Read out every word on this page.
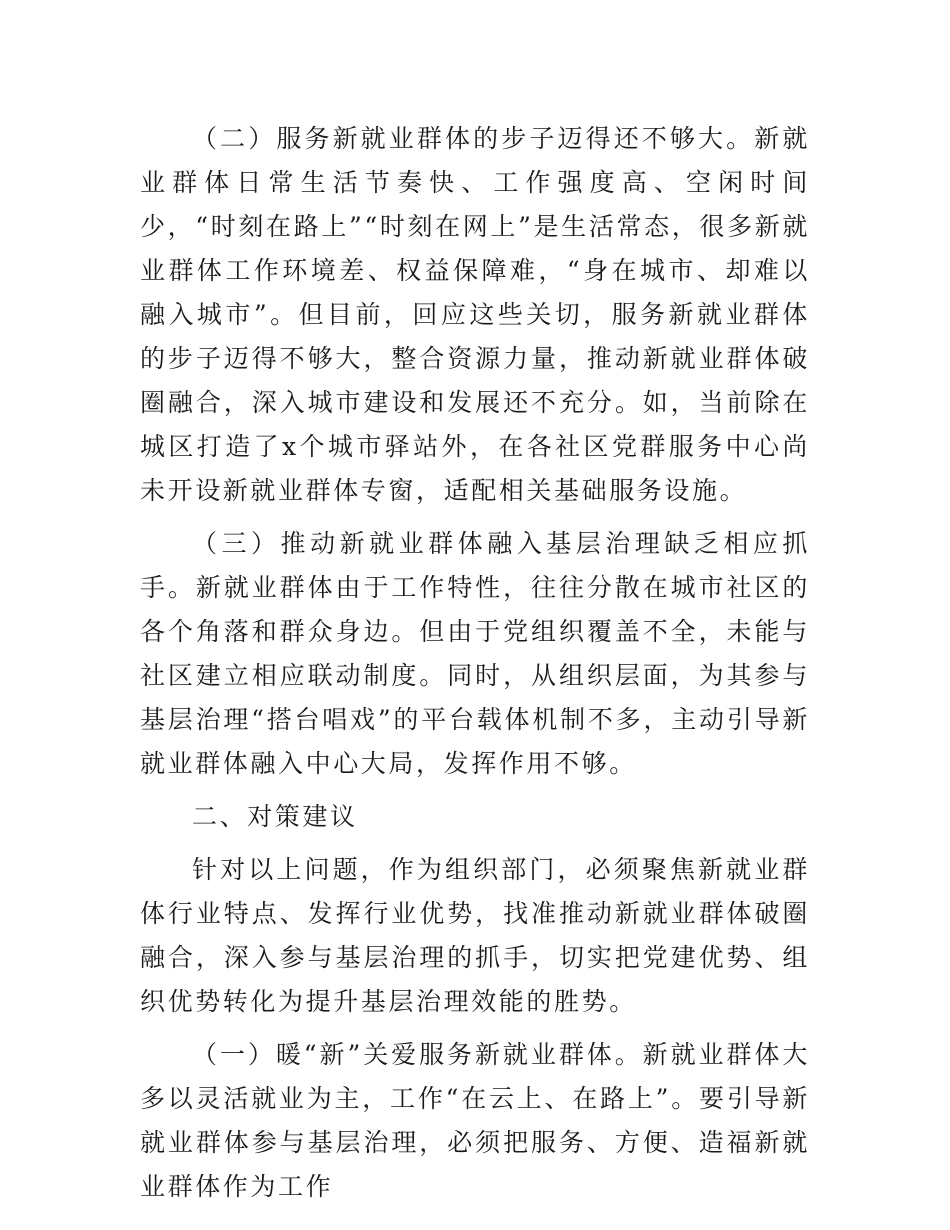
（二）服务新就业群体的步子迈得还不够大。新就业群体日常生活节奏快、工作强度高、空闲时间少，“时刻在路上”“时刻在网上”是生活常态，很多新就业群体工作环境差、权益保障难，“身在城市、却难以融入城市”。但目前，回应这些关切，服务新就业群体的步子迈得不够大，整合资源力量，推动新就业群体破圈融合，深入城市建设和发展还不充分。如，当前除在城区打造了x个城市驿站外，在各社区党群服务中心尚未开设新就业群体专窗，适配相关基础服务设施。

（三）推动新就业群体融入基层治理缺乏相应抓手。新就业群体由于工作特性，往往分散在城市社区的各个角落和群众身边。但由于党组织覆盖不全，未能与社区建立相应联动制度。同时，从组织层面，为其参与基层治理“搭台唱戏”的平台载体机制不多，主动引导新就业群体融入中心大局，发挥作用不够。

二、对策建议

针对以上问题，作为组织部门，必须聚焦新就业群体行业特点、发挥行业优势，找准推动新就业群体破圈融合，深入参与基层治理的抓手，切实把党建优势、组织优势转化为提升基层治理效能的胜势。

（一）暖“新”关爱服务新就业群体。新就业群体大多以灵活就业为主，工作“在云上、在路上”。要引导新就业群体参与基层治理，必须把服务、方便、造福新就业群体作为工作
